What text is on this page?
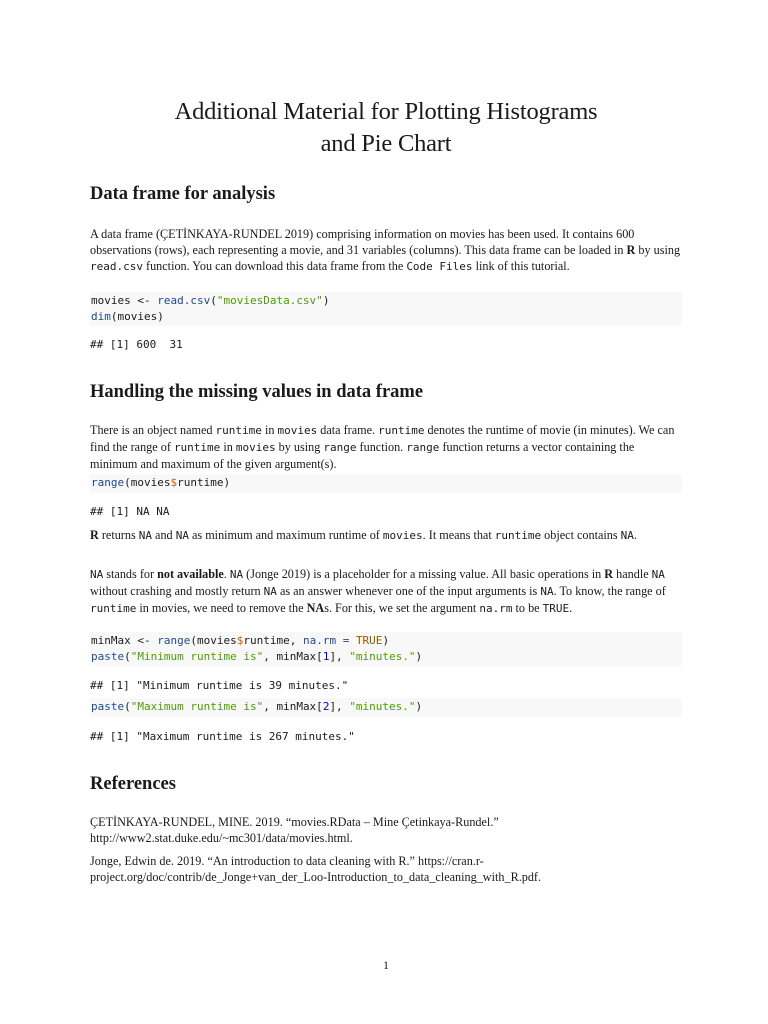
Additional Material for Plotting Histograms
and Pie Chart
Data frame for analysis

A data frame (ÇETİNKAYA-RUNDEL 2019) comprising information on movies has been used. It contains 600 observations (rows), each representing a movie, and 31 variables (columns). This data frame can be loaded in R by using read.csv function. You can download this data frame from the Code Files link of this tutorial.

movies <- read.csv("moviesData.csv")
dim(movies)
## [1] 600  31
Handling the missing values in data frame

There is an object named runtime in movies data frame. runtime denotes the runtime of movie (in minutes). We can find the range of runtime in movies by using range function. range function returns a vector containing the minimum and maximum of the given argument(s).

range(movies$runtime)
## [1] NA NA

R returns NA and NA as minimum and maximum runtime of movies. It means that runtime object contains NA.

NA stands for not available. NA (Jonge 2019) is a placeholder for a missing value. All basic operations in R handle NA without crashing and mostly return NA as an answer whenever one of the input arguments is NA. To know, the range of runtime in movies, we need to remove the NAs. For this, we set the argument na.rm to be TRUE.

minMax <- range(movies$runtime, na.rm = TRUE)
paste("Minimum runtime is", minMax[1], "minutes.")
## [1] "Minimum runtime is 39 minutes."
paste("Maximum runtime is", minMax[2], "minutes.")
## [1] "Maximum runtime is 267 minutes."
References

ÇETİNKAYA-RUNDEL, MINE. 2019. “movies.RData – Mine Çetinkaya-Rundel.” http://www2.stat.duke.edu/~mc301/data/movies.html.

Jonge, Edwin de. 2019. “An introduction to data cleaning with R.” https://cran.r-project.org/doc/contrib/de_Jonge+van_der_Loo-Introduction_to_data_cleaning_with_R.pdf.

1
